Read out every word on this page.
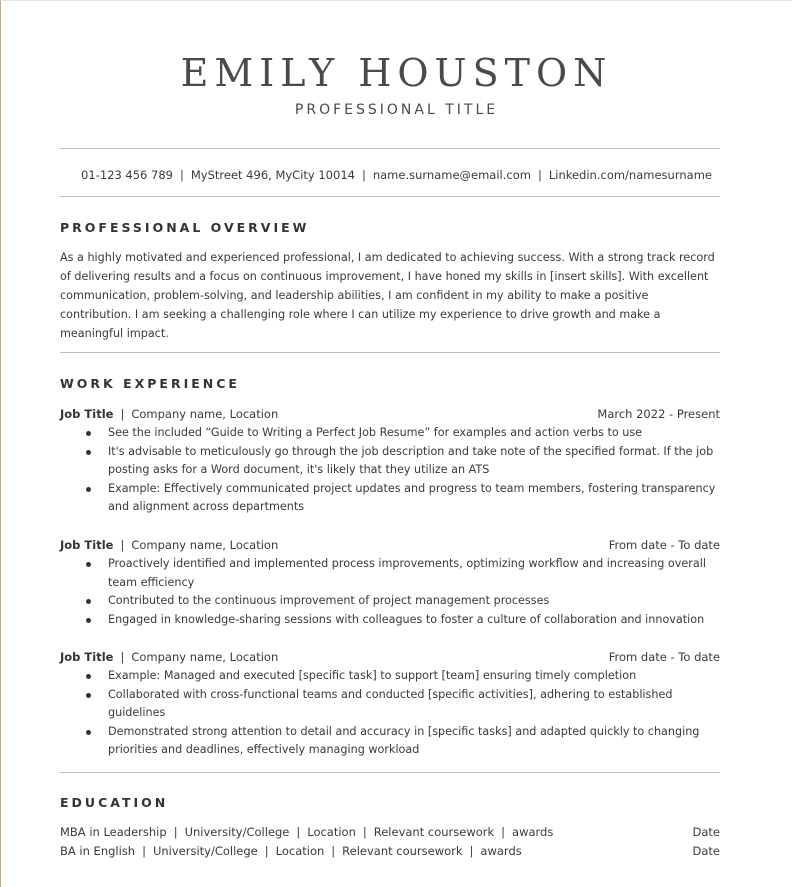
EMILY HOUSTON
PROFESSIONAL TITLE
01-123 456 789 | MyStreet 496, MyCity 10014 | name.surname@email.com | Linkedin.com/namesurname
PROFESSIONAL OVERVIEW

As a highly motivated and experienced professional, I am dedicated to achieving success. With a strong track record of delivering results and a focus on continuous improvement, I have honed my skills in [insert skills]. With excellent communication, problem-solving, and leadership abilities, I am confident in my ability to make a positive contribution. I am seeking a challenging role where I can utilize my experience to drive growth and make a meaningful impact.

WORK EXPERIENCE
Job Title | Company name, Location	March 2022 - Present
See the included “Guide to Writing a Perfect Job Resume” for examples and action verbs to use
It's advisable to meticulously go through the job description and take note of the specified format. If the job posting asks for a Word document, it's likely that they utilize an ATS
Example: Effectively communicated project updates and progress to team members, fostering transparency and alignment across departments
Job Title | Company name, Location	From date - To date
Proactively identified and implemented process improvements, optimizing workflow and increasing overall team efficiency
Contributed to the continuous improvement of project management processes
Engaged in knowledge-sharing sessions with colleagues to foster a culture of collaboration and innovation
Job Title | Company name, Location	From date - To date
Example: Managed and executed [specific task] to support [team] ensuring timely completion
Collaborated with cross-functional teams and conducted [specific activities], adhering to established guidelines
Demonstrated strong attention to detail and accuracy in [specific tasks] and adapted quickly to changing priorities and deadlines, effectively managing workload
EDUCATION
MBA in Leadership | University/College | Location | Relevant coursework | awards	Date
BA in English | University/College | Location | Relevant coursework | awards	Date
